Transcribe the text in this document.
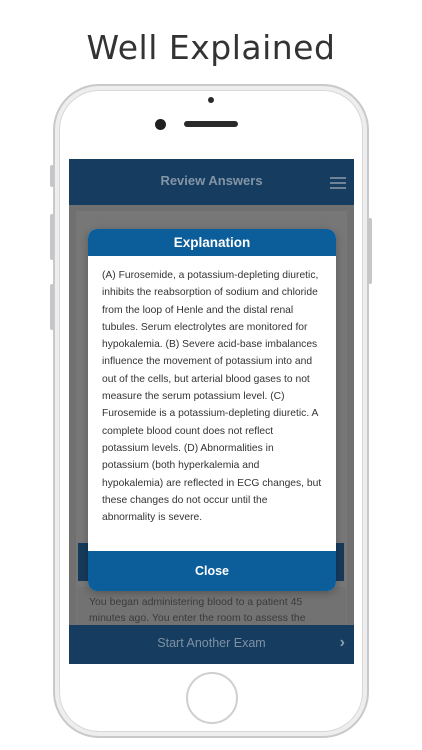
Well Explained
Review Answers
You began administering blood to a patient 45 minutes ago. You enter the room to assess the
Start Another Exam	›
Explanation
(A) Furosemide, a potassium-depleting diuretic, inhibits the reabsorption of sodium and chloride from the loop of Henle and the distal renal tubules. Serum electrolytes are monitored for hypokalemia. (B) Severe acid-base imbalances influence the movement of potassium into and out of the cells, but arterial blood gases to not measure the serum potassium level. (C) Furosemide is a potassium-depleting diuretic. A complete blood count does not reflect potassium levels. (D) Abnormalities in potassium (both hyperkalemia and hypokalemia) are reflected in ECG changes, but these changes do not occur until the abnormality is severe.
Close
